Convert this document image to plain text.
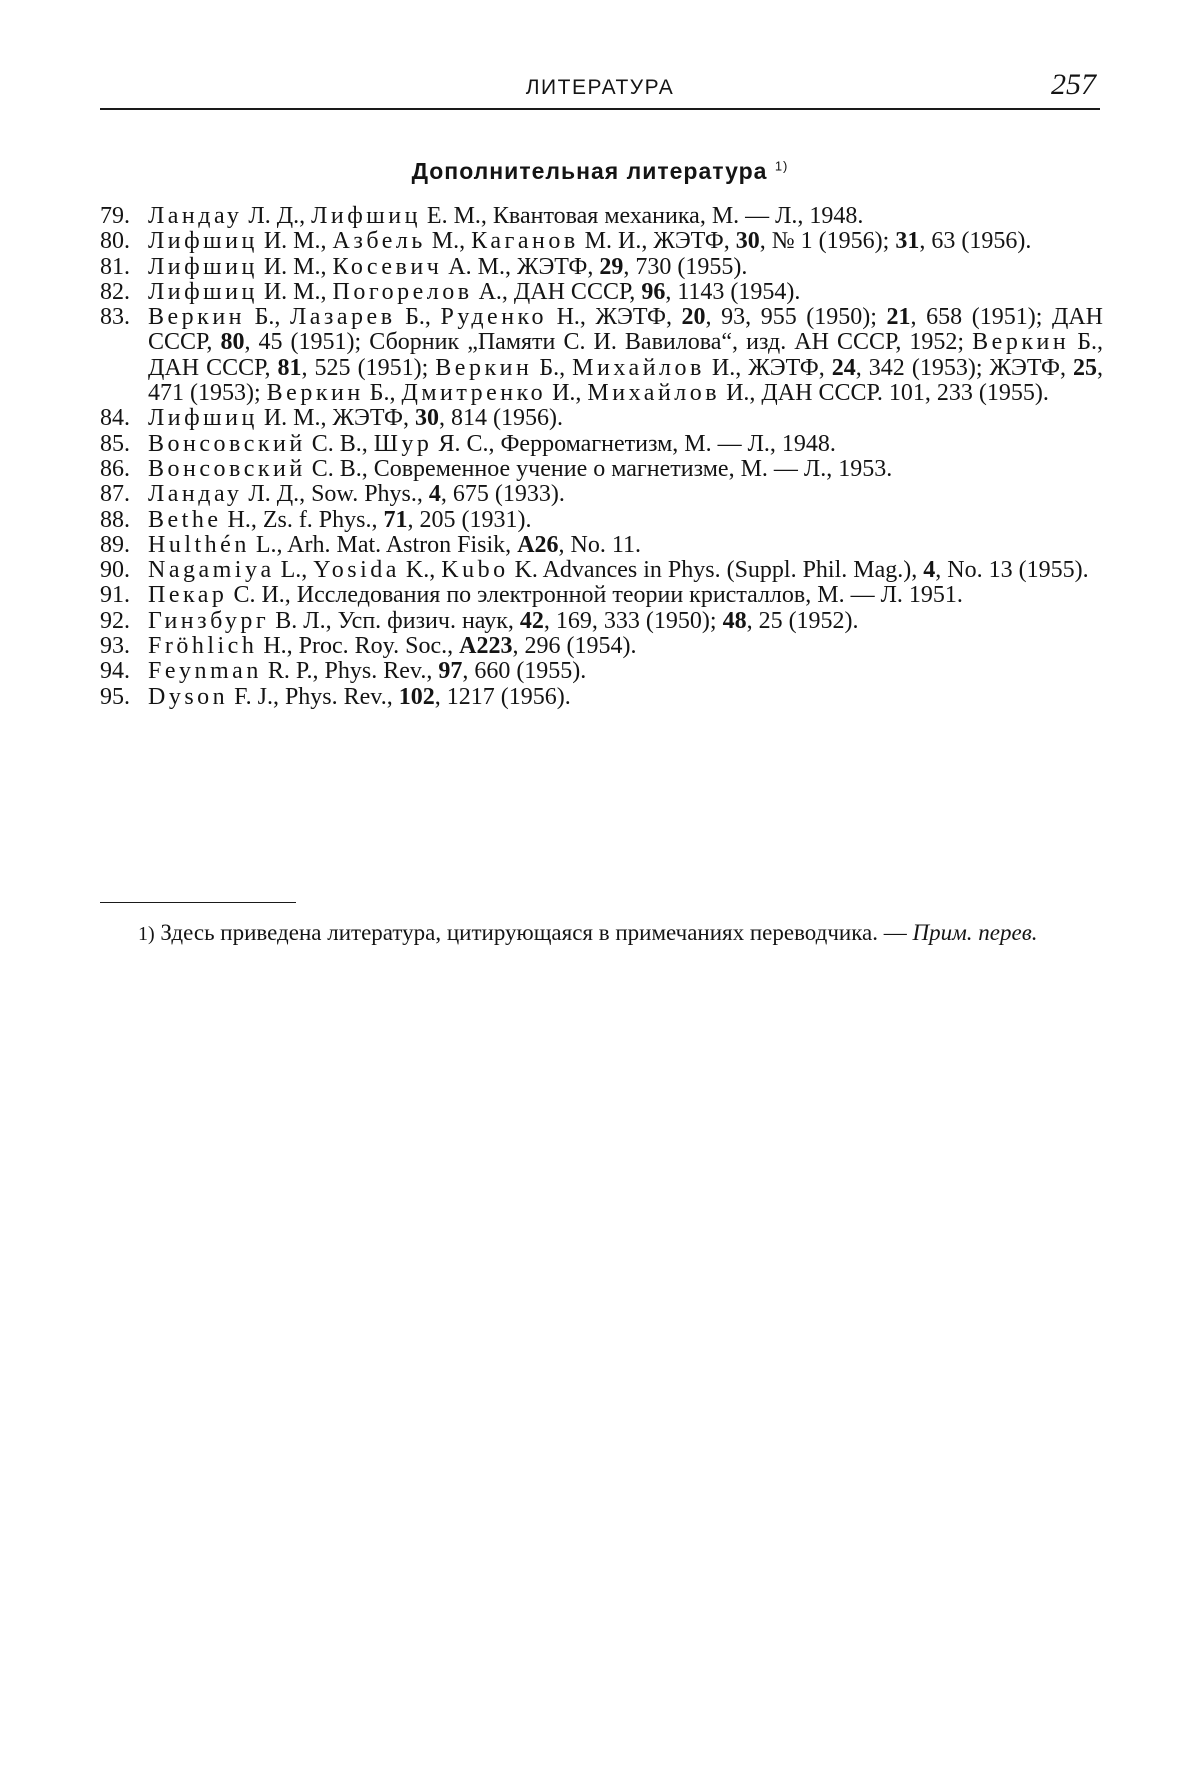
ЛИТЕРАТУРА	257
Дополнительная литература $^{1)}$
79. Ландау Л. Д., Лифшиц Е. М., Квантовая механика, М. — Л., 1948.
80. Лифшиц И. М., Азбель М., Каганов М. И., ЖЭТФ, 30, № 1 (1956); 31, 63 (1956).
81. Лифшиц И. М., Косевич А. М., ЖЭТФ, 29, 730 (1955).
82. Лифшиц И. М., Погорелов А., ДАН СССР, 96, 1143 (1954).
83. Веркин Б., Лазарев Б., Руденко Н., ЖЭТФ, 20, 93, 955 (1950); 21, 658 (1951); ДАН СССР, 80, 45 (1951); Сборник „Памяти С. И. Вавилова“, изд. АН СССР, 1952; Веркин Б., ДАН СССР, 81, 525 (1951); Веркин Б., Михайлов И., ЖЭТФ, 24, 342 (1953); ЖЭТФ, 25, 471 (1953); Веркин Б., Дмитренко И., Михайлов И., ДАН СССР. 101, 233 (1955).
84. Лифшиц И. М., ЖЭТФ, 30, 814 (1956).
85. Вонсовский С. В., Шур Я. С., Ферромагнетизм, М. — Л., 1948.
86. Вонсовский С. В., Современное учение о магнетизме, М. — Л., 1953.
87. Ландау Л. Д., Sow. Phys., 4, 675 (1933).
88. Bethe H., Zs. f. Phys., 71, 205 (1931).
89. Hulthén L., Arh. Mat. Astron Fisik, A26, No. 11.
90. Nagamiya L., Yosida K., Kubo K. Advances in Phys. (Suppl. Phil. Mag.), 4, No. 13 (1955).
91. Пекар С. И., Исследования по электронной теории кристаллов, М. — Л. 1951.
92. Гинзбург В. Л., Усп. физич. наук, 42, 169, 333 (1950); 48, 25 (1952).
93. Fröhlich H., Proc. Roy. Soc., A223, 296 (1954).
94. Feynman R. P., Phys. Rev., 97, 660 (1955).
95. Dyson F. J., Phys. Rev., 102, 1217 (1956).
1) Здесь приведена литература, цитирующаяся в примечаниях переводчика. — Прим. перев.
